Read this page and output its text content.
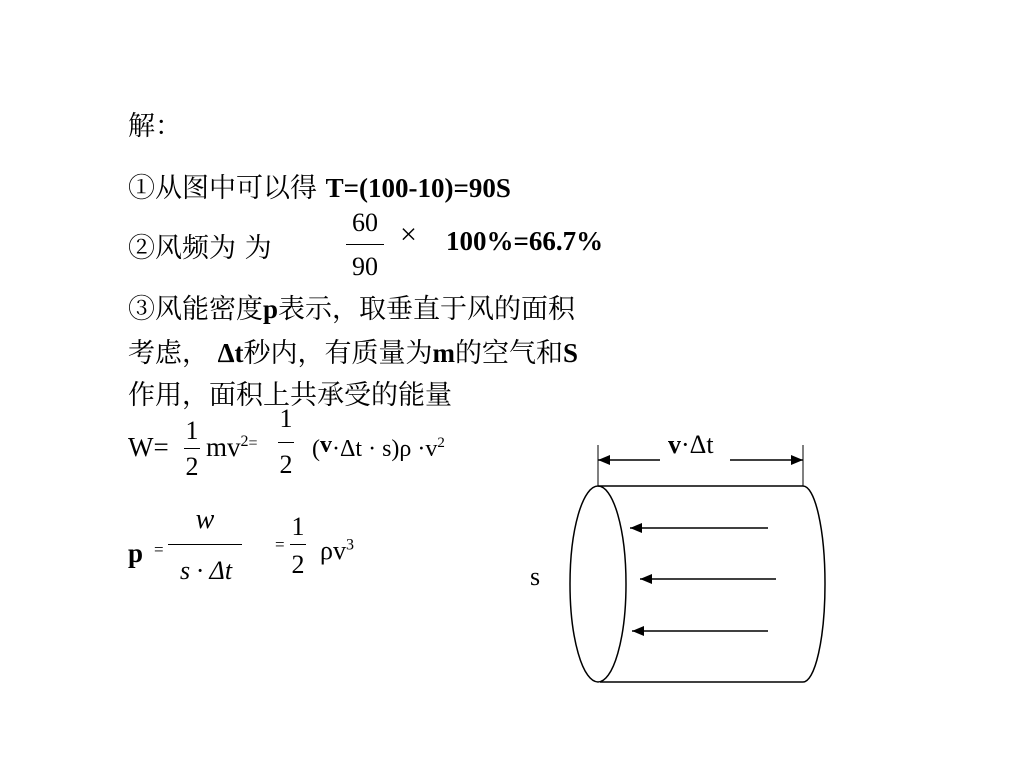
解：
①从图中可以得 T=(100-10)=90S
②风频为 为
60
90
× 100%=66.7%
③风能密度p表示，取垂直于风的面积
考虑， Δt秒内，有质量为m的空气和S
作用，面积上共承受的能量
W=
1
2
$mv^{2=}$
1
2
$(v\cdot\Delta t \cdot s)\rho \cdot v^2$
p =
w
s · Δt
=
1
2 $\rho v^3$
v·Δt
s
